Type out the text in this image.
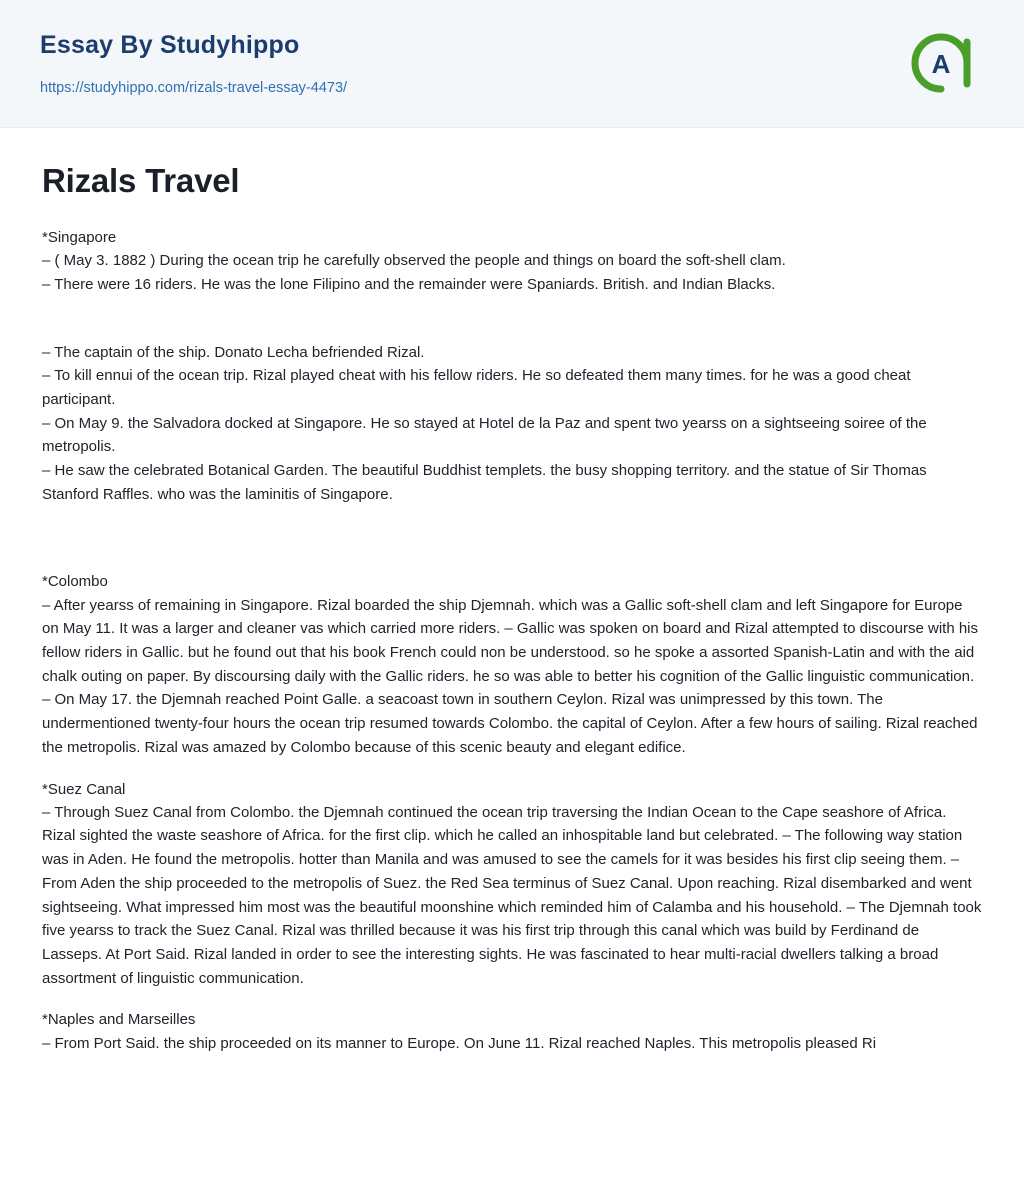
Essay By Studyhippo
https://studyhippo.com/rizals-travel-essay-4473/
A
Rizals Travel
*Singapore

– ( May 3. 1882 ) During the ocean trip he carefully observed the people and things on board the soft-shell clam.

– There were 16 riders. He was the lone Filipino and the remainder were Spaniards. British. and Indian Blacks.

– The captain of the ship. Donato Lecha befriended Rizal.

– To kill ennui of the ocean trip. Rizal played cheat with his fellow riders. He so defeated them many times. for he was a good cheat participant.

– On May 9. the Salvadora docked at Singapore. He so stayed at Hotel de la Paz and spent two yearss on a sightseeing soiree of the metropolis.

– He saw the celebrated Botanical Garden. The beautiful Buddhist templets. the busy shopping territory. and the statue of Sir Thomas Stanford Raffles. who was the laminitis of Singapore.

*Colombo

– After yearss of remaining in Singapore. Rizal boarded the ship Djemnah. which was a Gallic soft-shell clam and left Singapore for Europe on May 11. It was a larger and cleaner vas which carried more riders. – Gallic was spoken on board and Rizal attempted to discourse with his fellow riders in Gallic. but he found out that his book French could non be understood. so he spoke a assorted Spanish-Latin and with the aid chalk outing on paper. By discoursing daily with the Gallic riders. he so was able to better his cognition of the Gallic linguistic communication. – On May 17. the Djemnah reached Point Galle. a seacoast town in southern Ceylon. Rizal was unimpressed by this town. The undermentioned twenty-four hours the ocean trip resumed towards Colombo. the capital of Ceylon. After a few hours of sailing. Rizal reached the metropolis. Rizal was amazed by Colombo because of this scenic beauty and elegant edifice.

*Suez Canal

– Through Suez Canal from Colombo. the Djemnah continued the ocean trip traversing the Indian Ocean to the Cape seashore of Africa. Rizal sighted the waste seashore of Africa. for the first clip. which he called an inhospitable land but celebrated. – The following way station was in Aden. He found the metropolis. hotter than Manila and was amused to see the camels for it was besides his first clip seeing them. – From Aden the ship proceeded to the metropolis of Suez. the Red Sea terminus of Suez Canal. Upon reaching. Rizal disembarked and went sightseeing. What impressed him most was the beautiful moonshine which reminded him of Calamba and his household. – The Djemnah took five yearss to track the Suez Canal. Rizal was thrilled because it was his first trip through this canal which was build by Ferdinand de Lasseps. At Port Said. Rizal landed in order to see the interesting sights. He was fascinated to hear multi-racial dwellers talking a broad assortment of linguistic communication.

*Naples and Marseilles

– From Port Said. the ship proceeded on its manner to Europe. On June 11. Rizal reached Naples. This metropolis pleased Ri
